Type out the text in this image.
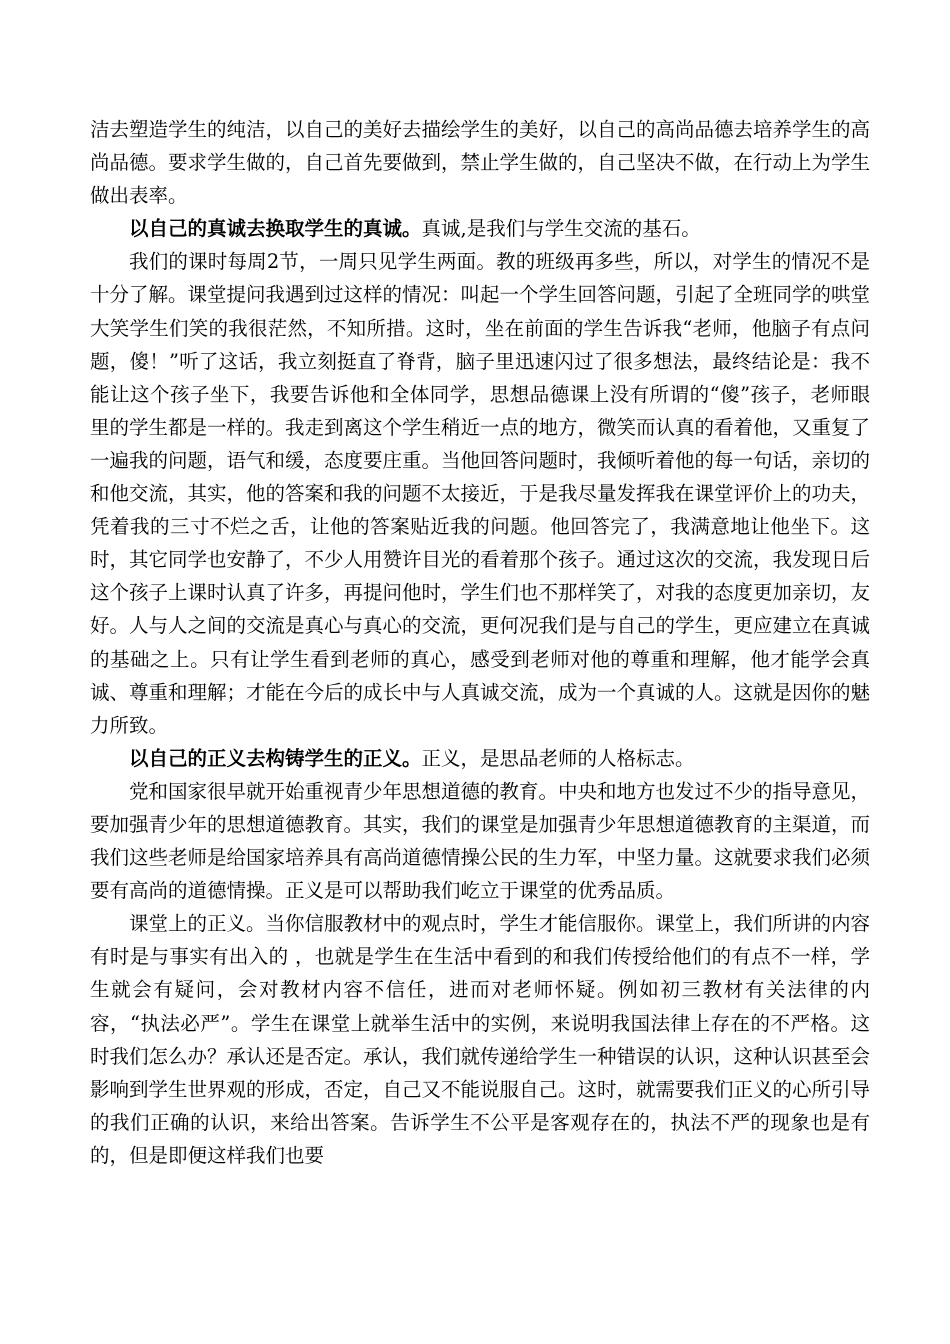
洁去塑造学生的纯洁，以自己的美好去描绘学生的美好，以自己的高尚品德去培养学生的高尚品德。要求学生做的，自己首先要做到，禁止学生做的，自己坚决不做，在行动上为学生做出表率。

以自己的真诚去换取学生的真诚。真诚,是我们与学生交流的基石。

我们的课时每周2节，一周只见学生两面。教的班级再多些，所以，对学生的情况不是十分了解。课堂提问我遇到过这样的情况：叫起一个学生回答问题，引起了全班同学的哄堂大笑学生们笑的我很茫然，不知所措。这时，坐在前面的学生告诉我“老师，他脑子有点问题，傻！”听了这话，我立刻挺直了脊背，脑子里迅速闪过了很多想法，最终结论是：我不能让这个孩子坐下，我要告诉他和全体同学，思想品德课上没有所谓的“傻”孩子，老师眼里的学生都是一样的。我走到离这个学生稍近一点的地方，微笑而认真的看着他，又重复了一遍我的问题，语气和缓，态度要庄重。当他回答问题时，我倾听着他的每一句话，亲切的和他交流，其实，他的答案和我的问题不太接近，于是我尽量发挥我在课堂评价上的功夫，凭着我的三寸不烂之舌，让他的答案贴近我的问题。他回答完了，我满意地让他坐下。这时，其它同学也安静了，不少人用赞许目光的看着那个孩子。通过这次的交流，我发现日后这个孩子上课时认真了许多，再提问他时，学生们也不那样笑了，对我的态度更加亲切，友好。人与人之间的交流是真心与真心的交流，更何况我们是与自己的学生，更应建立在真诚的基础之上。只有让学生看到老师的真心，感受到老师对他的尊重和理解，他才能学会真诚、尊重和理解；才能在今后的成长中与人真诚交流，成为一个真诚的人。这就是因你的魅力所致。

以自己的正义去构铸学生的正义。正义，是思品老师的人格标志。

党和国家很早就开始重视青少年思想道德的教育。中央和地方也发过不少的指导意见，要加强青少年的思想道德教育。其实，我们的课堂是加强青少年思想道德教育的主渠道，而我们这些老师是给国家培养具有高尚道德情操公民的生力军，中坚力量。这就要求我们必须要有高尚的道德情操。正义是可以帮助我们屹立于课堂的优秀品质。

课堂上的正义。当你信服教材中的观点时，学生才能信服你。课堂上，我们所讲的内容有时是与事实有出入的 ，也就是学生在生活中看到的和我们传授给他们的有点不一样，学生就会有疑问，会对教材内容不信任，进而对老师怀疑。例如初三教材有关法律的内容，“执法必严”。学生在课堂上就举生活中的实例，来说明我国法律上存在的不严格。这时我们怎么办？承认还是否定。承认，我们就传递给学生一种错误的认识，这种认识甚至会影响到学生世界观的形成，否定，自己又不能说服自己。这时，就需要我们正义的心所引导的我们正确的认识，来给出答案。告诉学生不公平是客观存在的，执法不严的现象也是有的，但是即便这样我们也要
